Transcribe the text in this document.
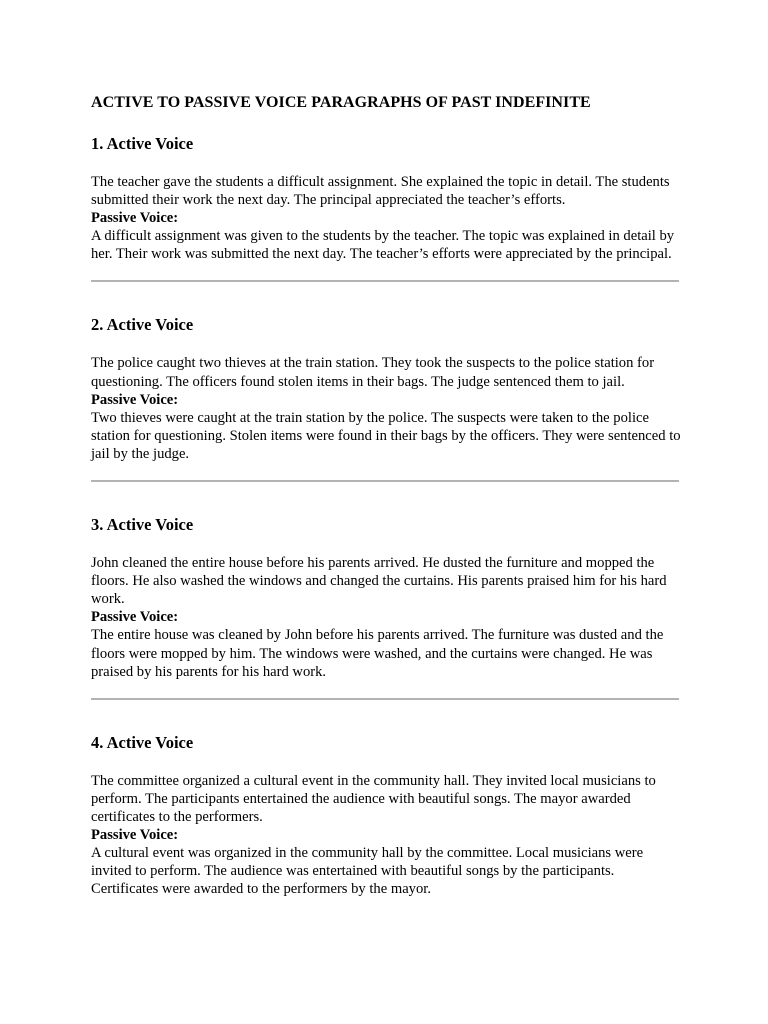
ACTIVE TO PASSIVE VOICE PARAGRAPHS OF PAST INDEFINITE
1. Active Voice

The teacher gave the students a difficult assignment. She explained the topic in detail. The students submitted their work the next day. The principal appreciated the teacher’s efforts.

Passive Voice:

A difficult assignment was given to the students by the teacher. The topic was explained in detail by her. Their work was submitted the next day. The teacher’s efforts were appreciated by the principal.

2. Active Voice

The police caught two thieves at the train station. They took the suspects to the police station for questioning. The officers found stolen items in their bags. The judge sentenced them to jail.

Passive Voice:

Two thieves were caught at the train station by the police. The suspects were taken to the police station for questioning. Stolen items were found in their bags by the officers. They were sentenced to jail by the judge.

3. Active Voice

John cleaned the entire house before his parents arrived. He dusted the furniture and mopped the floors. He also washed the windows and changed the curtains. His parents praised him for his hard work.

Passive Voice:

The entire house was cleaned by John before his parents arrived. The furniture was dusted and the floors were mopped by him. The windows were washed, and the curtains were changed. He was praised by his parents for his hard work.

4. Active Voice

The committee organized a cultural event in the community hall. They invited local musicians to perform. The participants entertained the audience with beautiful songs. The mayor awarded certificates to the performers.

Passive Voice:

A cultural event was organized in the community hall by the committee. Local musicians were invited to perform. The audience was entertained with beautiful songs by the participants. Certificates were awarded to the performers by the mayor.
